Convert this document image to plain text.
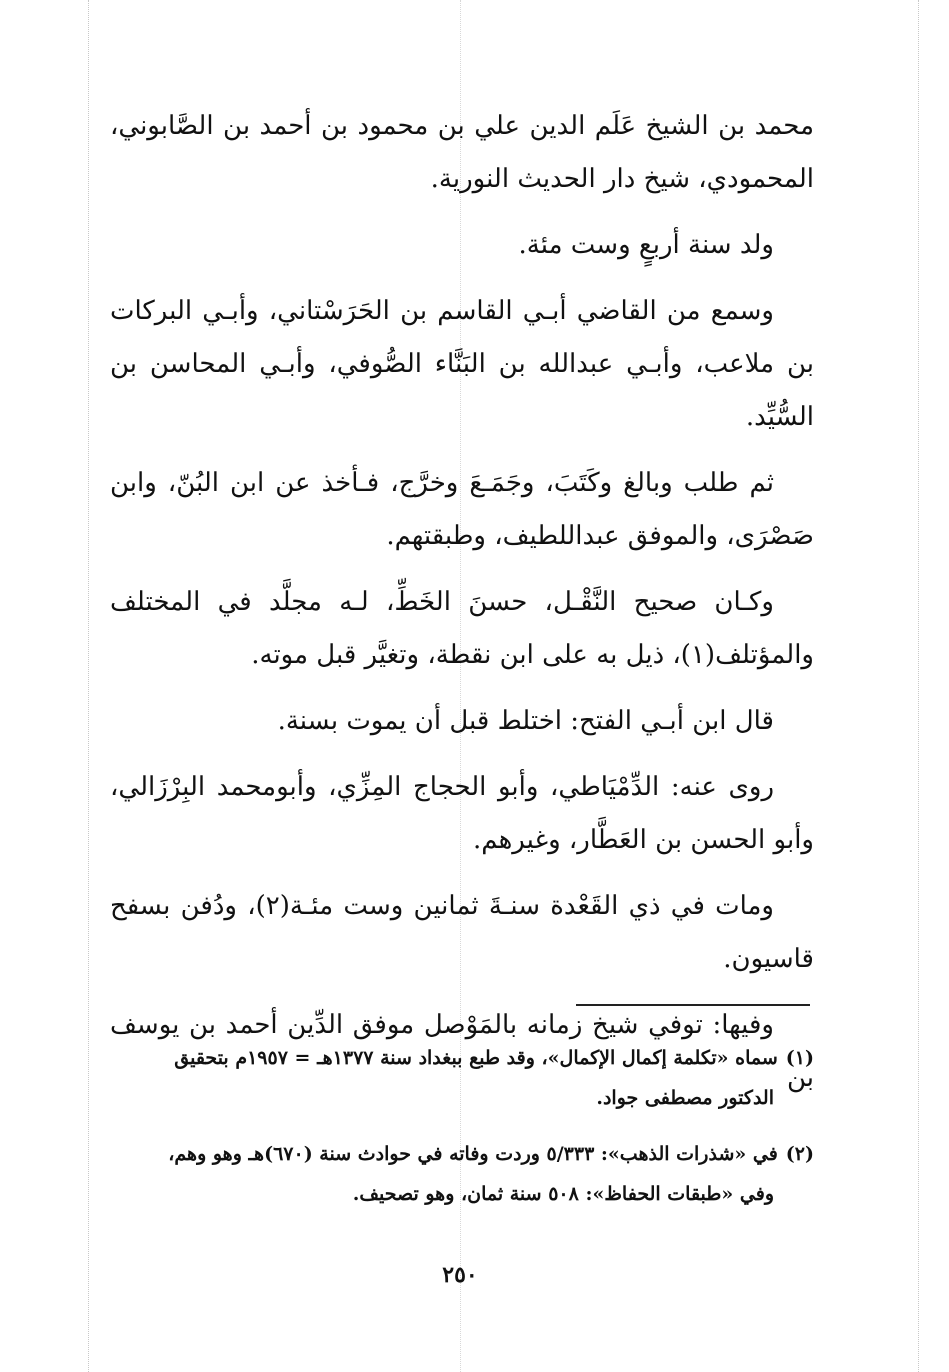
محمد بن الشيخ عَلَم الدين علي بن محمود بن أحمد بن الصَّابوني، المحمودي، شيخ دار الحديث النورية.

ولد سنة أربعٍ وست مئة.

وسمع من القاضي أبـي القاسم بن الحَرَسْتاني، وأبـي البركات بن ملاعب، وأبـي عبدالله بن البَنَّاء الصُّوفي، وأبـي المحاسن بن السُّيِّد.

ثم طلب وبالغ وكَتَبَ، وجَمَـعَ وخرَّج، فـأخذ عن ابن البُنّ، وابن صَصْرَى، والموفق عبداللطيف، وطبقتهم.

وكـان صحيح النَّقْـل، حسنَ الخَطِّ، لـه مجلَّد في المختلف والمؤتلف(١)، ذيل به على ابن نقطة، وتغيَّر قبل موته.

قال ابن أبـي الفتح: اختلط قبل أن يموت بسنة.

روى عنه: الدِّمْيَاطي، وأبو الحجاج المِزِّي، وأبومحمد البِرْزَالي، وأبو الحسن بن العَطَّار، وغيرهم.

ومات في ذي القَعْدة سنـةَ ثمانين وست مئـة(٢)، ودُفن بسفح قاسيون.

وفيها: توفي شيخ زمانه بالمَوْصل موفق الدِّين أحمد بن يوسف بن

(١)سماه «تكلمة إكمال الإكمال»، وقد طبع ببغداد سنة ١٣٧٧هـ = ١٩٥٧م بتحقيق
الدكتور مصطفى جواد.
(٢)في «شذرات الذهب»: ٥/٣٣٣ وردت وفاته في حوادث سنة (٦٧٠)هـ وهو وهم،
وفي «طبقات الحفاظ»: ٥٠٨ سنة ثمان، وهو تصحيف.
٢٥٠
